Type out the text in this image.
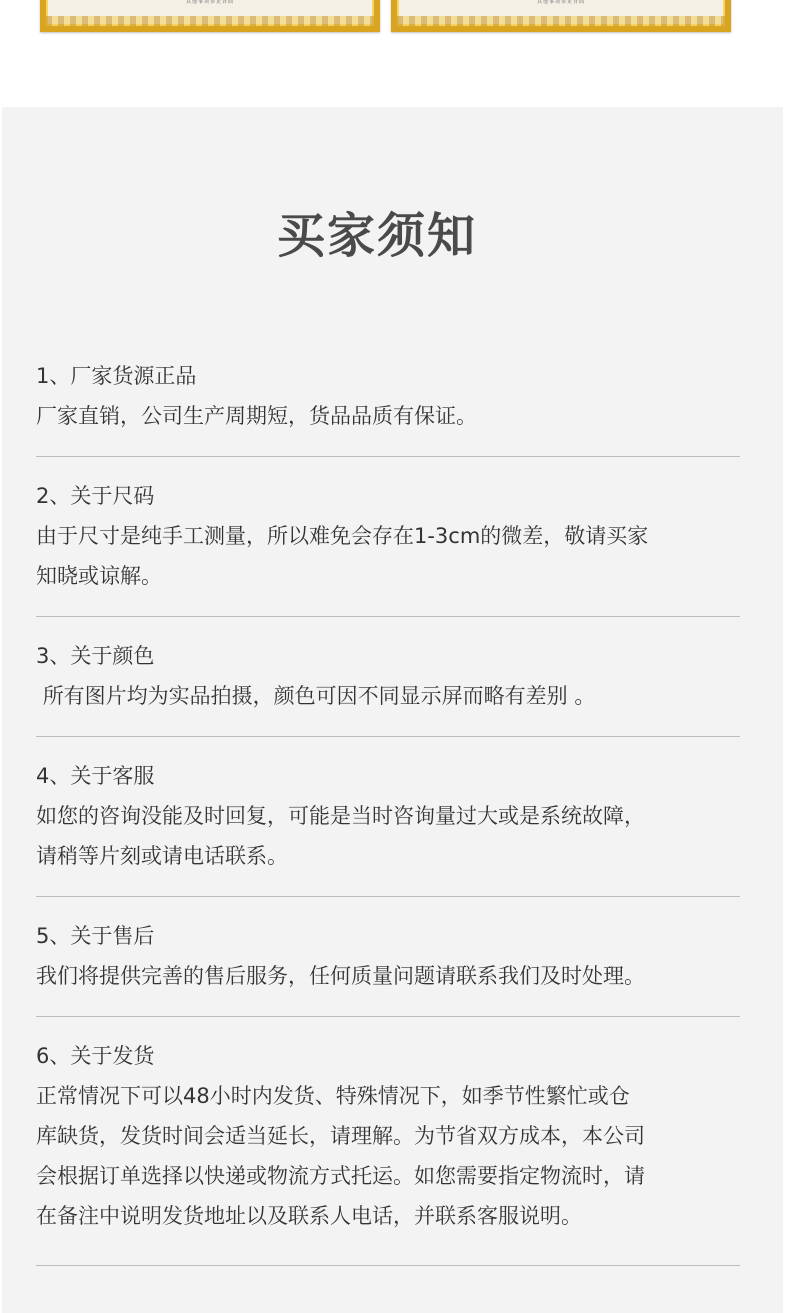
其他事项参见背面	其他事项参见背面
买家须知
1、厂家货源正品
厂家直销，公司生产周期短，货品品质有保证。
2、关于尺码
由于尺寸是纯手工测量，所以难免会存在1-3cm的微差，敬请买家
知晓或谅解。
3、关于颜色
所有图片均为实品拍摄，颜色可因不同显示屏而略有差别 。
4、关于客服
如您的咨询没能及时回复，可能是当时咨询量过大或是系统故障，
请稍等片刻或请电话联系。
5、关于售后
我们将提供完善的售后服务，任何质量问题请联系我们及时处理。
6、关于发货
正常情况下可以48小时内发货、特殊情况下，如季节性繁忙或仓
库缺货，发货时间会适当延长，请理解。为节省双方成本，本公司
会根据订单选择以快递或物流方式托运。如您需要指定物流时，请
在备注中说明发货地址以及联系人电话，并联系客服说明。
